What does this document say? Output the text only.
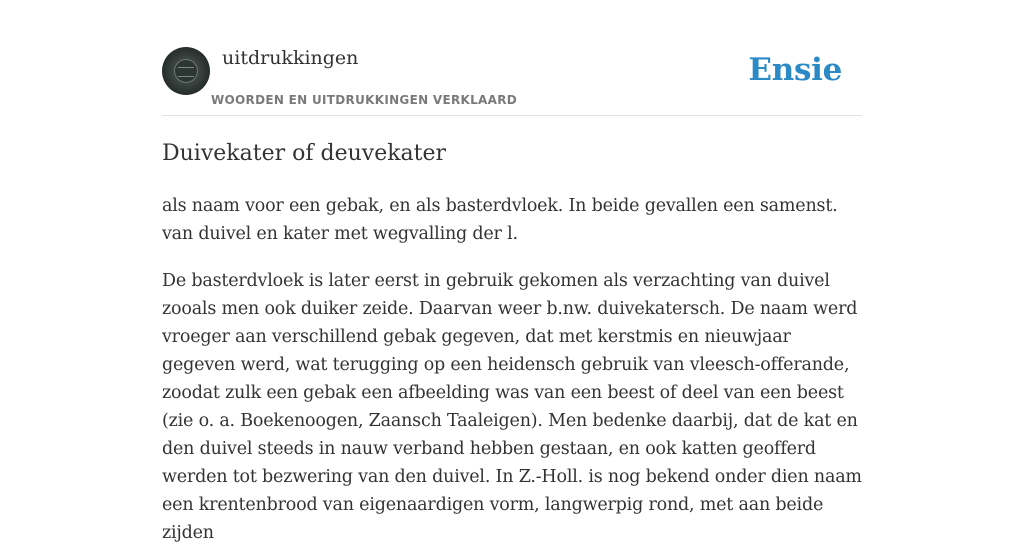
uitdrukkingen
WOORDEN EN UITDRUKKINGEN VERKLAARD
Ensie
Duivekater of deuvekater

als naam voor een gebak, en als basterdvloek. In beide gevallen een samenst. van duivel en kater met wegvalling der l.

De basterdvloek is later eerst in gebruik gekomen als verzachting van duivel zooals men ook duiker zeide. Daarvan weer b.nw. duivekatersch. De naam werd vroeger aan verschillend gebak gegeven, dat met kerstmis en nieuwjaar gegeven werd, wat terugging op een heidensch gebruik van vleesch-offerande, zoodat zulk een gebak een afbeelding was van een beest of deel van een beest (zie o. a. Boekenoogen, Zaansch Taaleigen). Men bedenke daarbij, dat de kat en den duivel steeds in nauw verband hebben gestaan, en ook katten geofferd werden tot bezwering van den duivel. In Z.-Holl. is nog bekend onder dien naam een krentenbrood van eigenaardigen vorm, langwerpig rond, met aan beide zijden
